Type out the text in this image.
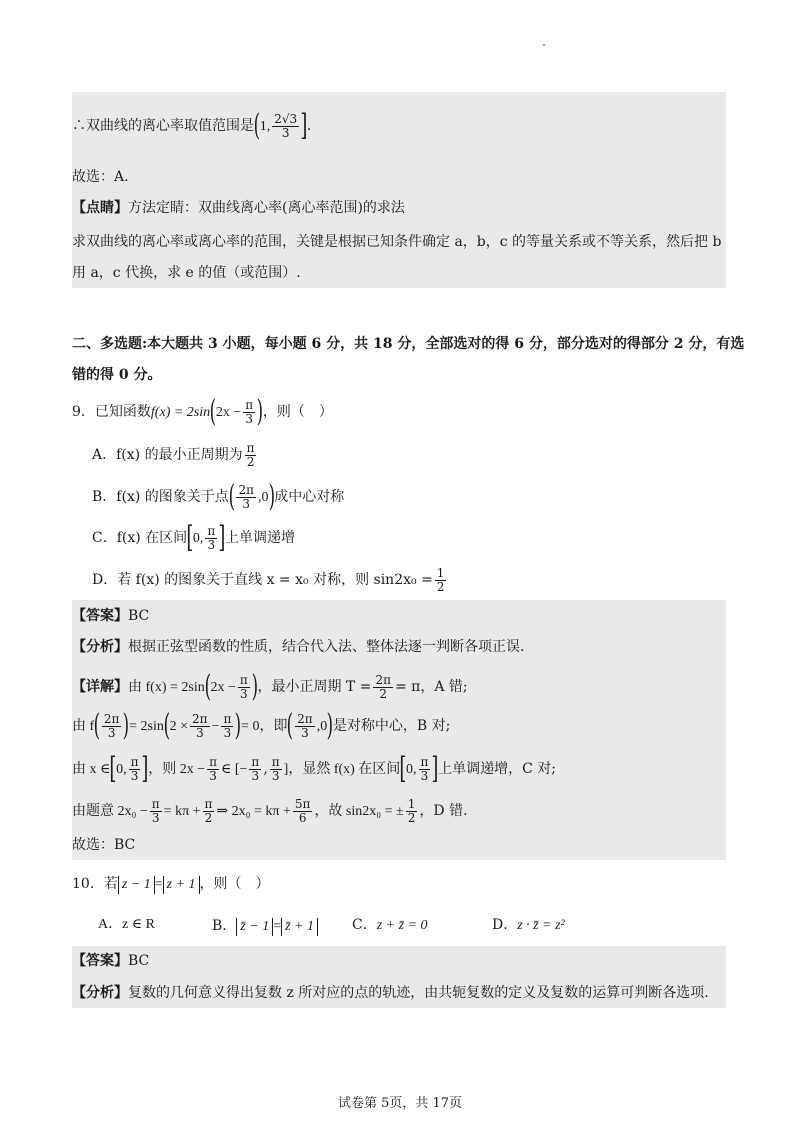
∴双曲线的离心率取值范围是(1, $\frac{2√3}{3}$ ].
故选：A.
【点睛】方法定睛：双曲线离心率(离心率范围)的求法
求双曲线的离心率或离心率的范围，关键是根据已知条件确定 a，b，c 的等量关系或不等关系，然后把 b
用 a，c 代换，求 e 的值（或范围）.
二、多选题:本大题共 3 小题，每小题 6 分，共 18 分，全部选对的得 6 分，部分选对的得部分 2 分，有选
错的得 0 分。
9．已知函数$f(x) = 2\sin(2x - \frac{\pi}{3}$ )，则（　）
A．f(x) 的最小正周期为 $\frac{\pi}{2}$
B．f(x) 的图象关于点( $\frac{2\pi}{3} ,0$)成中心对称
C．f(x) 在区间[0, $\frac{\pi}{3}$ ]上单调递增
D．若 f(x) 的图象关于直线 x = x₀ 对称，则 $\sin 2x_0 = \frac{1}{2}$
【答案】BC
【分析】根据正弦型函数的性质，结合代入法、整体法逐一判断各项正误.
【详解】由 $f(x) = 2\sin(2x - \frac{\pi}{3}$ )，最小正周期 $T = \frac{2\pi}{2} = \pi$，A 错;
由 $f( \frac{2\pi}{3}$ )= $2\sin(2 \times \frac{2\pi}{3} - \frac{\pi}{3}$ )= 0，即( $\frac{2\pi}{3} ,0$)是对称中心，B 对;
由 x ∈[0, $\frac{\pi}{3}$ ]，则 $2x - \frac{\pi}{3}$ ∈ [− $\frac{\pi}{3}$ , $\frac{\pi}{3}$ ]，显然 f(x) 在区间[0, $\frac{\pi}{3}$ ]上单调递增，C 对;
由题意 $2x_0 - \frac{\pi}{3} = k\pi + \frac{\pi}{2}$ ⇒ $2x_0 = k\pi + \frac{5\pi}{6}$ ，故 sin2x₀ = ± $\frac{1}{2}$ ，D 错.
故选：BC
10．若 z − 1 = z + 1 ，则（　）
A．z ∈ R	B． z̄ − 1 = z̄ + 1	C．z + z̄ = 0	D．z · z̄ = z²
【答案】BC
【分析】复数的几何意义得出复数 z 所对应的点的轨迹，由共轭复数的定义及复数的运算可判断各选项.
试卷第 5页，共 17页
